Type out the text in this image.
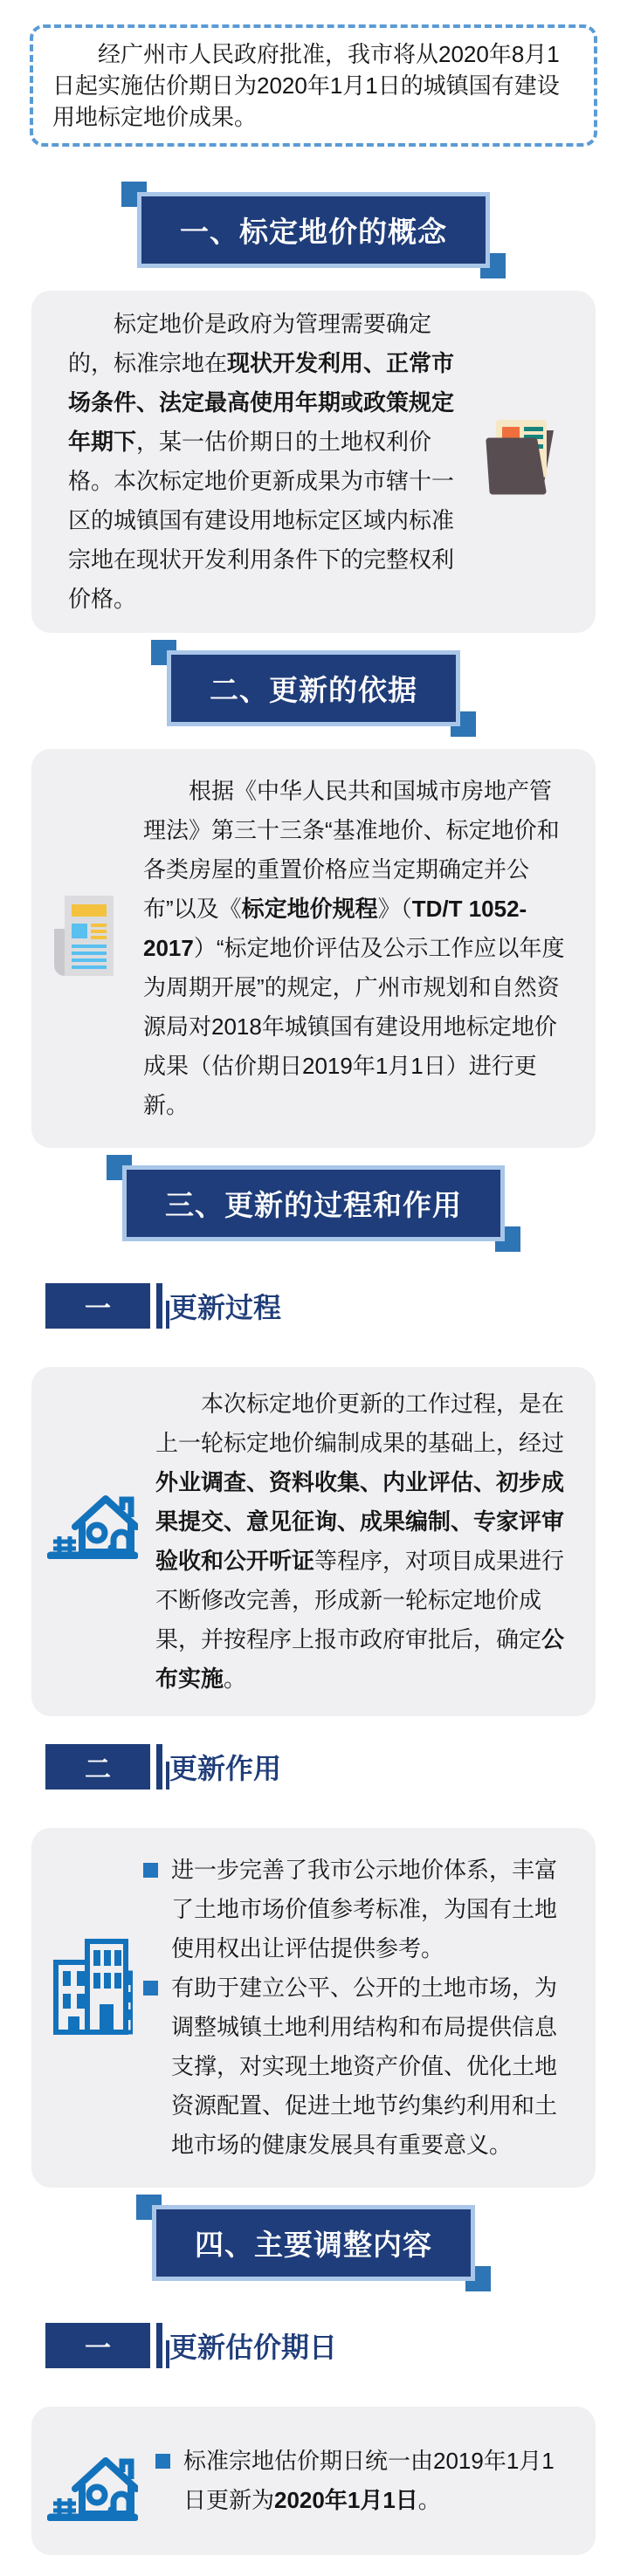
经广州市人民政府批准，我市将从2020年8月1日起实施估价期日为2020年1月1日的城镇国有建设用地标定地价成果。
一、标定地价的概念

标定地价是政府为管理需要确定的，标准宗地在现状开发利用、正常市场条件、法定最高使用年期或政策规定年期下，某一估价期日的土地权利价格。本次标定地价更新成果为市辖十一区的城镇国有建设用地标定区域内标准宗地在现状开发利用条件下的完整权利价格。

二、更新的依据

根据《中华人民共和国城市房地产管理法》第三十三条“基准地价、标定地价和各类房屋的重置价格应当定期确定并公布”以及《标定地价规程》（TD/T 1052-2017）“标定地价评估及公示工作应以年度为周期开展”的规定，广州市规划和自然资源局对2018年城镇国有建设用地标定地价成果（估价期日2019年1月1日）进行更新。

三、更新的过程和作用
一	更新过程

本次标定地价更新的工作过程，是在上一轮标定地价编制成果的基础上，经过外业调查、资料收集、内业评估、初步成果提交、意见征询、成果编制、专家评审验收和公开听证等程序，对项目成果进行不断修改完善，形成新一轮标定地价成果，并按程序上报市政府审批后，确定公布实施。

二	更新作用
进一步完善了我市公示地价体系，丰富了土地市场价值参考标准，为国有土地使用权出让评估提供参考。
有助于建立公平、公开的土地市场，为调整城镇土地利用结构和布局提供信息支撑，对实现土地资产价值、优化土地资源配置、促进土地节约集约利用和土地市场的健康发展具有重要意义。
四、主要调整内容
一	更新估价期日
标准宗地估价期日统一由2019年1月1日更新为2020年1月1日。
